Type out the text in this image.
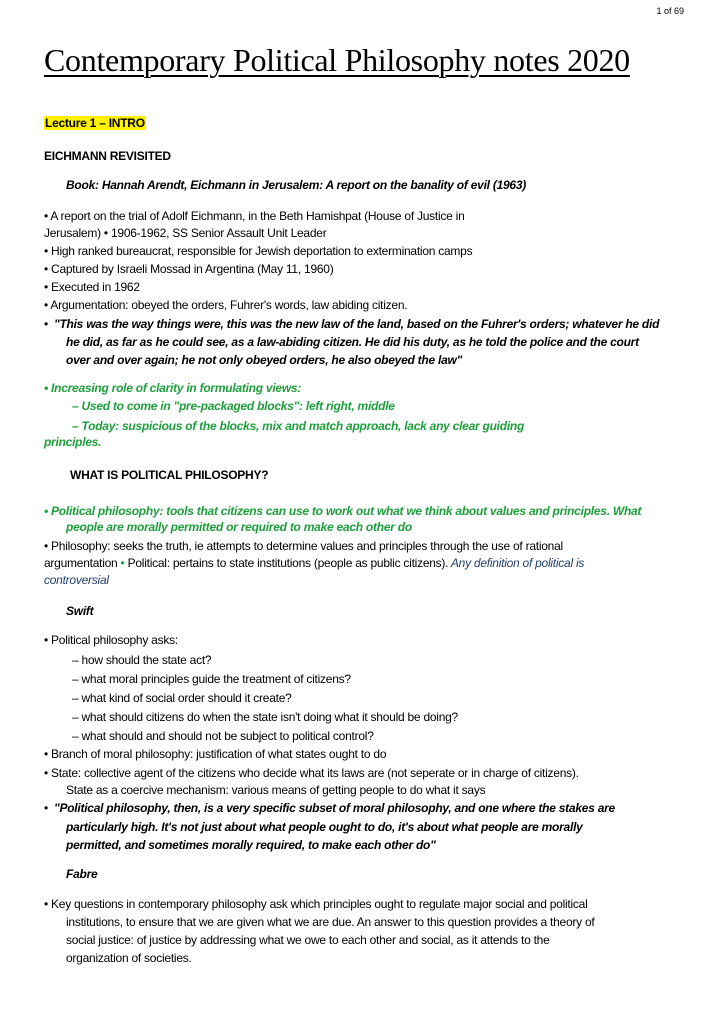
1 of 69
Contemporary Political Philosophy notes 2020
Lecture 1 – INTRO
EICHMANN REVISITED
Book: Hannah Arendt, Eichmann in Jerusalem: A report on the banality of evil (1963)
• A report on the trial of Adolf Eichmann, in the Beth Hamishpat (House of Justice in
Jerusalem) • 1906-1962, SS Senior Assault Unit Leader
• High ranked bureaucrat, responsible for Jewish deportation to extermination camps
• Captured by Israeli Mossad in Argentina (May 11, 1960)
• Executed in 1962
• Argumentation: obeyed the orders, Fuhrer's words, law abiding citizen.
• "This was the way things were, this was the new law of the land, based on the Fuhrer's orders; whatever he did
he did, as far as he could see, as a law-abiding citizen. He did his duty, as he told the police and the court
over and over again; he not only obeyed orders, he also obeyed the law"
• Increasing role of clarity in formulating views:
– Used to come in "pre-packaged blocks": left right, middle
– Today: suspicious of the blocks, mix and match approach, lack any clear guiding
principles.
WHAT IS POLITICAL PHILOSOPHY?
• Political philosophy: tools that citizens can use to work out what we think about values and principles. What
people are morally permitted or required to make each other do
• Philosophy: seeks the truth, ie attempts to determine values and principles through the use of rational
argumentation • Political: pertains to state institutions (people as public citizens). Any definition of political is
controversial
Swift
• Political philosophy asks:
– how should the state act?
– what moral principles guide the treatment of citizens?
– what kind of social order should it create?
– what should citizens do when the state isn't doing what it should be doing?
– what should and should not be subject to political control?
• Branch of moral philosophy: justification of what states ought to do
• State: collective agent of the citizens who decide what its laws are (not seperate or in charge of citizens).
State as a coercive mechanism: various means of getting people to do what it says
• "Political philosophy, then, is a very specific subset of moral philosophy, and one where the stakes are
particularly high. It's not just about what people ought to do, it's about what people are morally
permitted, and sometimes morally required, to make each other do"
Fabre
• Key questions in contemporary philosophy ask which principles ought to regulate major social and political
institutions, to ensure that we are given what we are due. An answer to this question provides a theory of
social justice: of justice by addressing what we owe to each other and social, as it attends to the
organization of societies.
